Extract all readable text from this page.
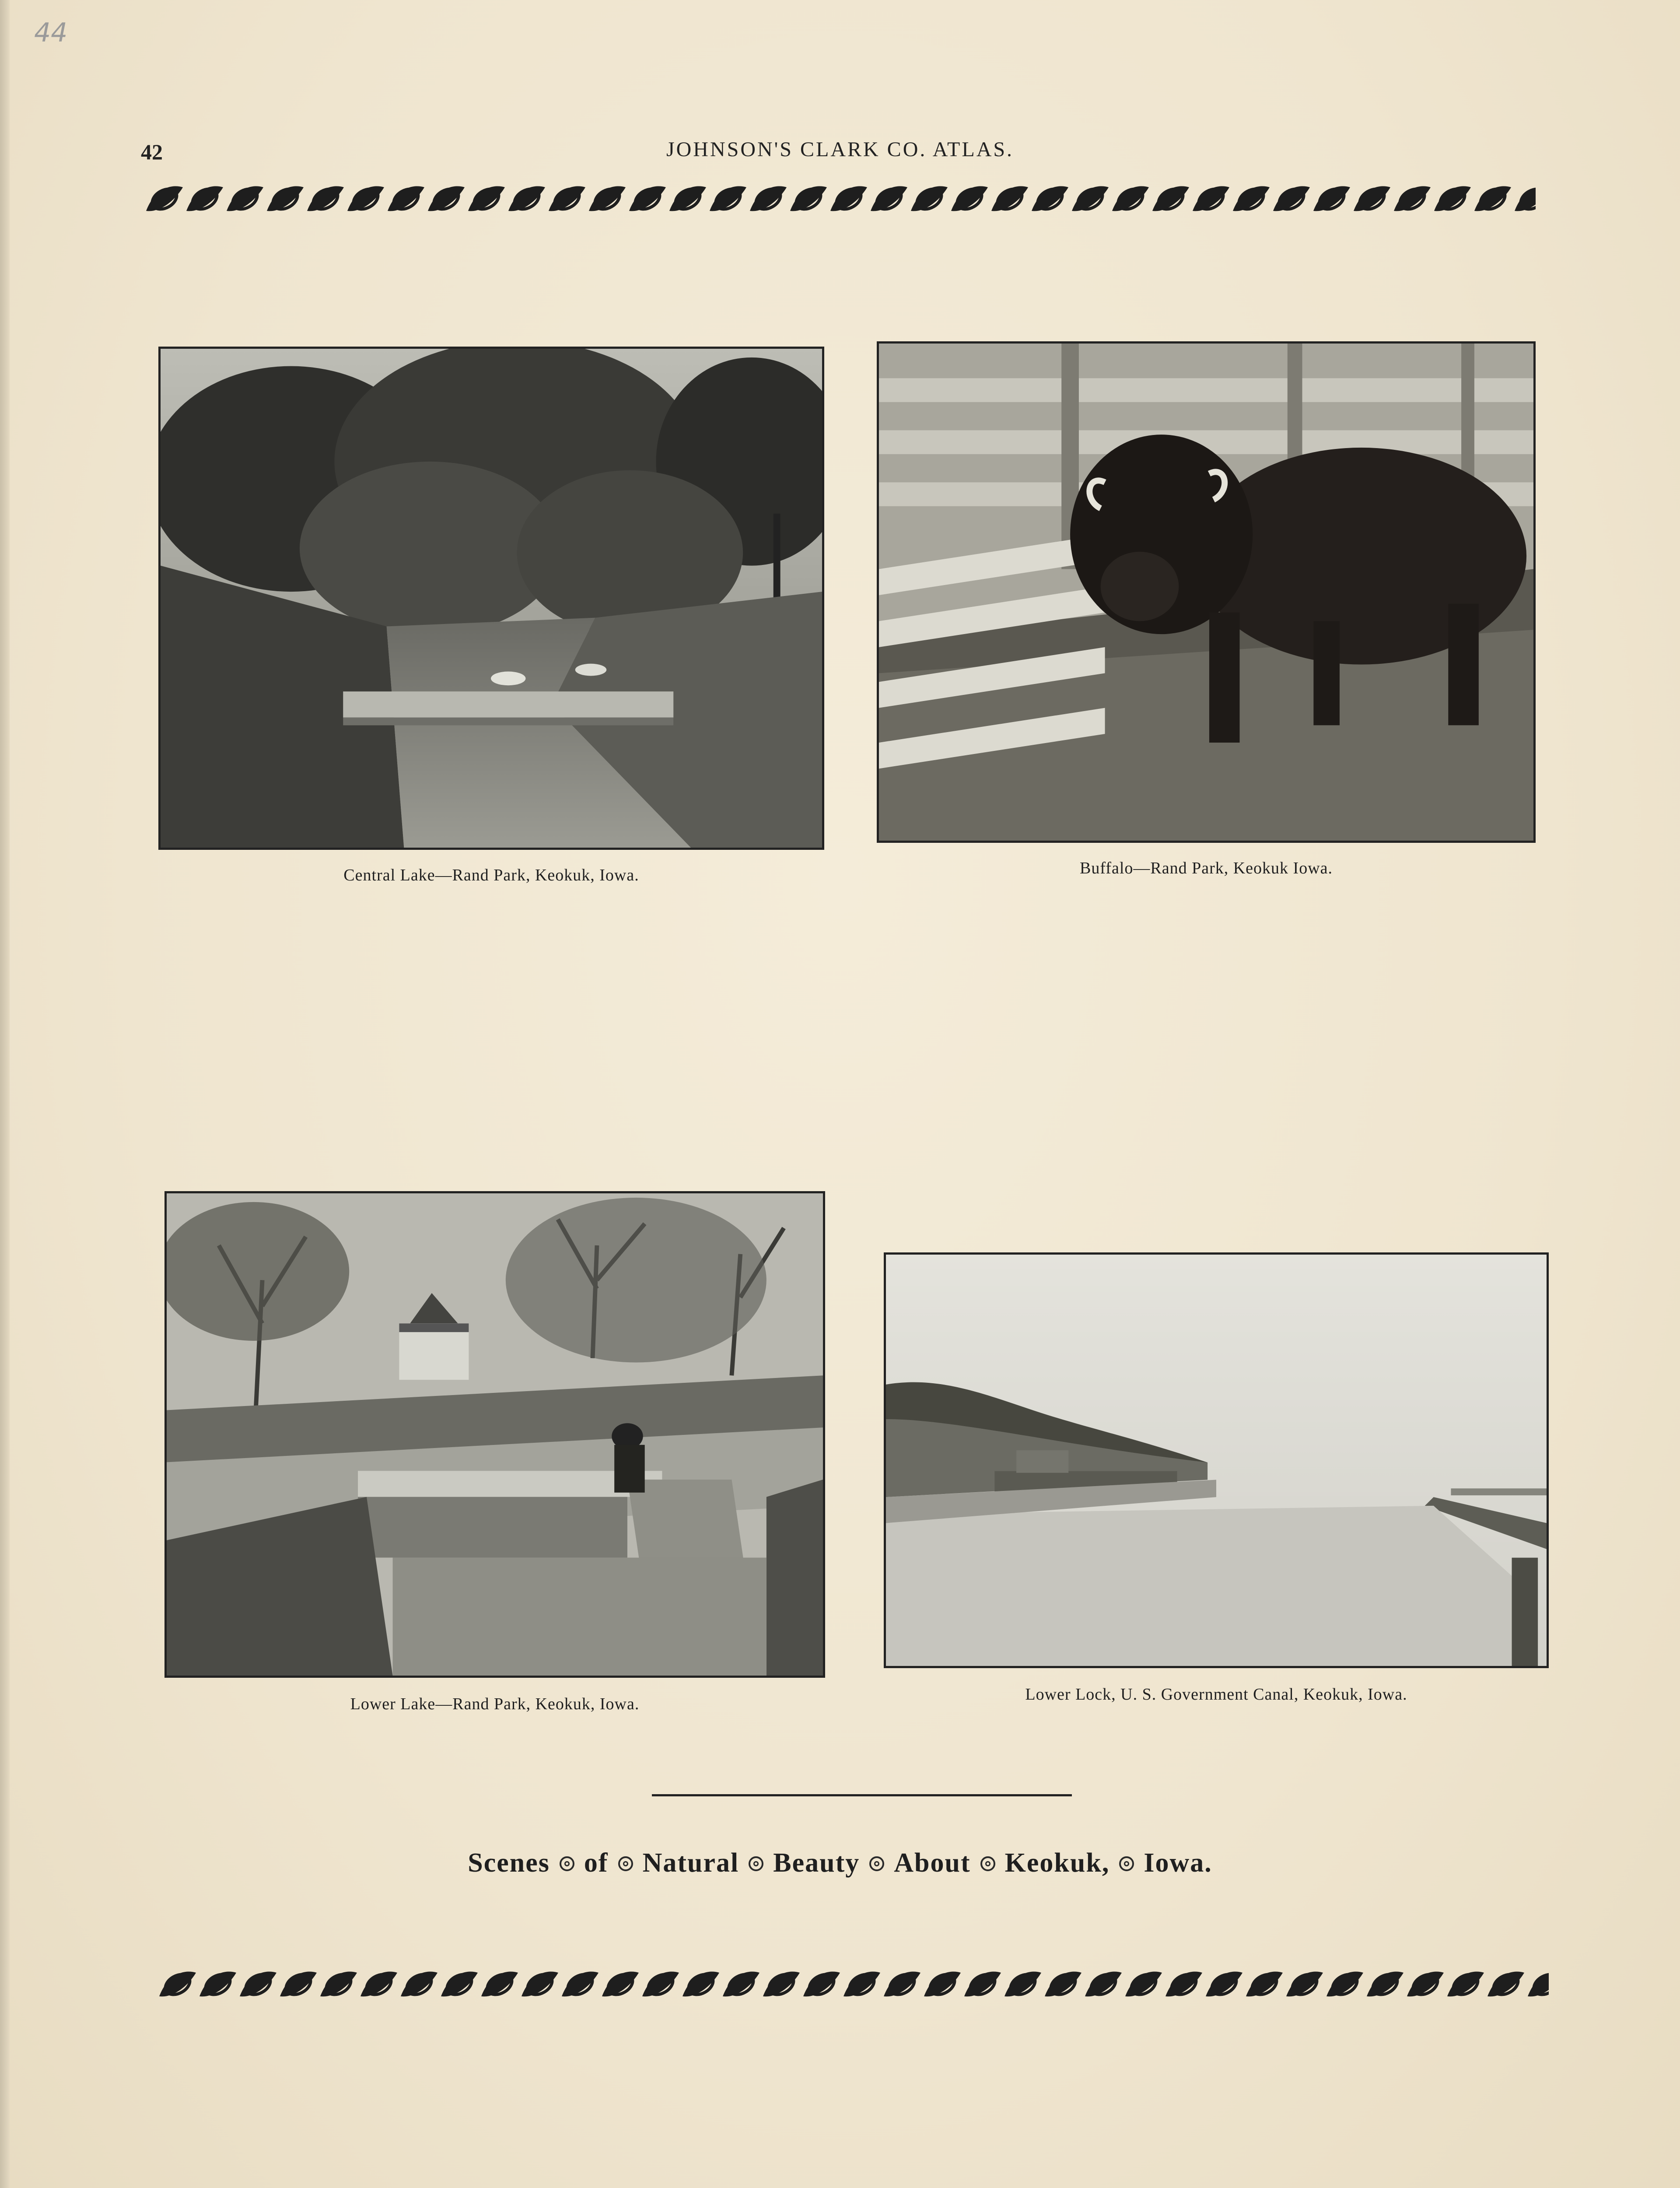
44
42	JOHNSON'S CLARK CO. ATLAS.
Central Lake—Rand Park, Keokuk, Iowa.	Buffalo—Rand Park, Keokuk Iowa.
Lower Lake—Rand Park, Keokuk, Iowa.
Lower Lock, U. S. Government Canal, Keokuk, Iowa.
Scenes of Natural Beauty About Keokuk, Iowa.
